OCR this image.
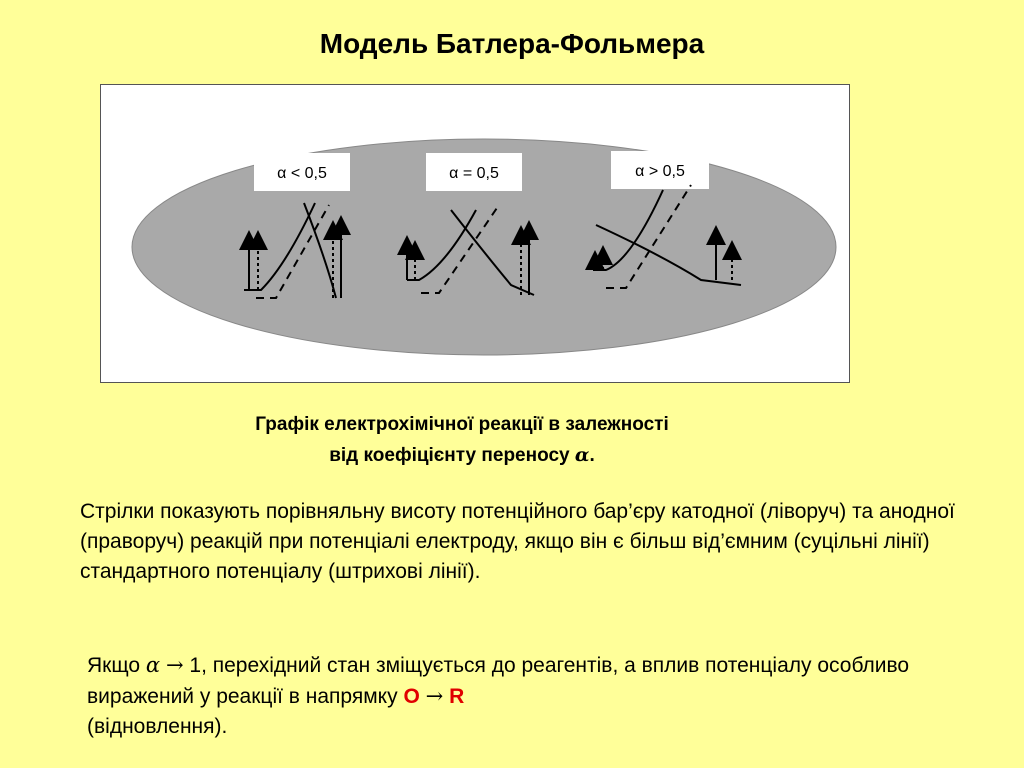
Модель Батлера-Фольмера
α < 0,5	α = 0,5	α > 0,5
Графік електрохімічної реакції в залежності
від коефіцієнту переносу α.
Стрілки показують порівняльну висоту потенційного бар’єру катодної (ліворуч) та анодної (праворуч) реакцій при потенціалі електроду, якщо він є більш від’ємним (суцільні лінії) стандартного потенціалу (штрихові лінії).
Якщо α → 1, перехідний стан зміщується до реагентів, а вплив потенціалу особливо виражений у реакції в напрямку O → R
(відновлення).
